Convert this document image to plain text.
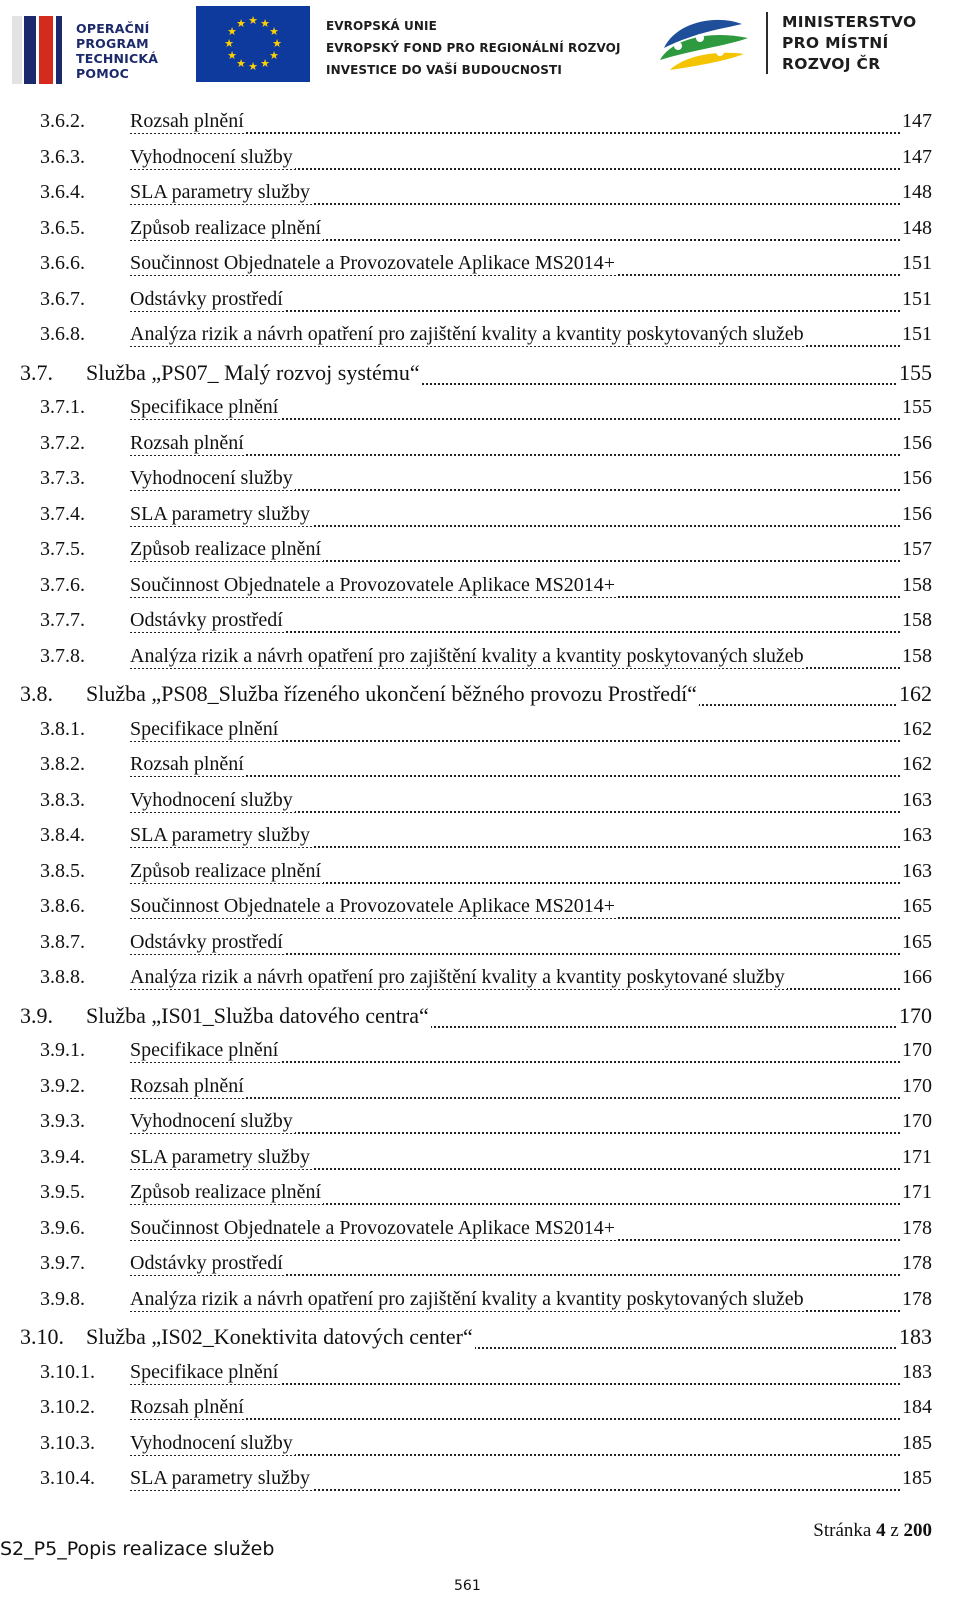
OPERAČNÍ
PROGRAM
TECHNICKÁ
POMOC
★ ★
★
★
★
★
★
★
★
★
★
★	EVROPSKÁ UNIE
EVROPSKÝ FOND PRO REGIONÁLNÍ ROZVOJ
INVESTICE DO VAŠÍ BUDOUCNOSTI
MINISTERSTVO
PRO MÍSTNÍ
ROZVOJ ČR
3.6.2. Rozsah plnění	147
3.6.3. Vyhodnocení služby	147
3.6.4. SLA parametry služby	148
3.6.5. Způsob realizace plnění	148
3.6.6. Součinnost Objednatele a Provozovatele Aplikace MS2014+	151
3.6.7. Odstávky prostředí	151
3.6.8. Analýza rizik a návrh opatření pro zajištění kvality a kvantity poskytovaných služeb	151
3.7. Služba „PS07_ Malý rozvoj systému“	155
3.7.1. Specifikace plnění	155
3.7.2. Rozsah plnění	156
3.7.3. Vyhodnocení služby	156
3.7.4. SLA parametry služby	156
3.7.5. Způsob realizace plnění	157
3.7.6. Součinnost Objednatele a Provozovatele Aplikace MS2014+	158
3.7.7. Odstávky prostředí	158
3.7.8. Analýza rizik a návrh opatření pro zajištění kvality a kvantity poskytovaných služeb	158
3.8. Služba „PS08_Služba řízeného ukončení běžného provozu Prostředí“	162
3.8.1. Specifikace plnění	162
3.8.2. Rozsah plnění	162
3.8.3. Vyhodnocení služby	163
3.8.4. SLA parametry služby	163
3.8.5. Způsob realizace plnění	163
3.8.6. Součinnost Objednatele a Provozovatele Aplikace MS2014+	165
3.8.7. Odstávky prostředí	165
3.8.8. Analýza rizik a návrh opatření pro zajištění kvality a kvantity poskytované služby	166
3.9. Služba „IS01_Služba datového centra“	170
3.9.1. Specifikace plnění	170
3.9.2. Rozsah plnění	170
3.9.3. Vyhodnocení služby	170
3.9.4. SLA parametry služby	171
3.9.5. Způsob realizace plnění	171
3.9.6. Součinnost Objednatele a Provozovatele Aplikace MS2014+	178
3.9.7. Odstávky prostředí	178
3.9.8. Analýza rizik a návrh opatření pro zajištění kvality a kvantity poskytovaných služeb	178
3.10. Služba „IS02_Konektivita datových center“	183
3.10.1. Specifikace plnění	183
3.10.2. Rozsah plnění	184
3.10.3. Vyhodnocení služby	185
3.10.4. SLA parametry služby	185
S2_P5_Popis realizace služeb
Stránka 4 z 200
561
